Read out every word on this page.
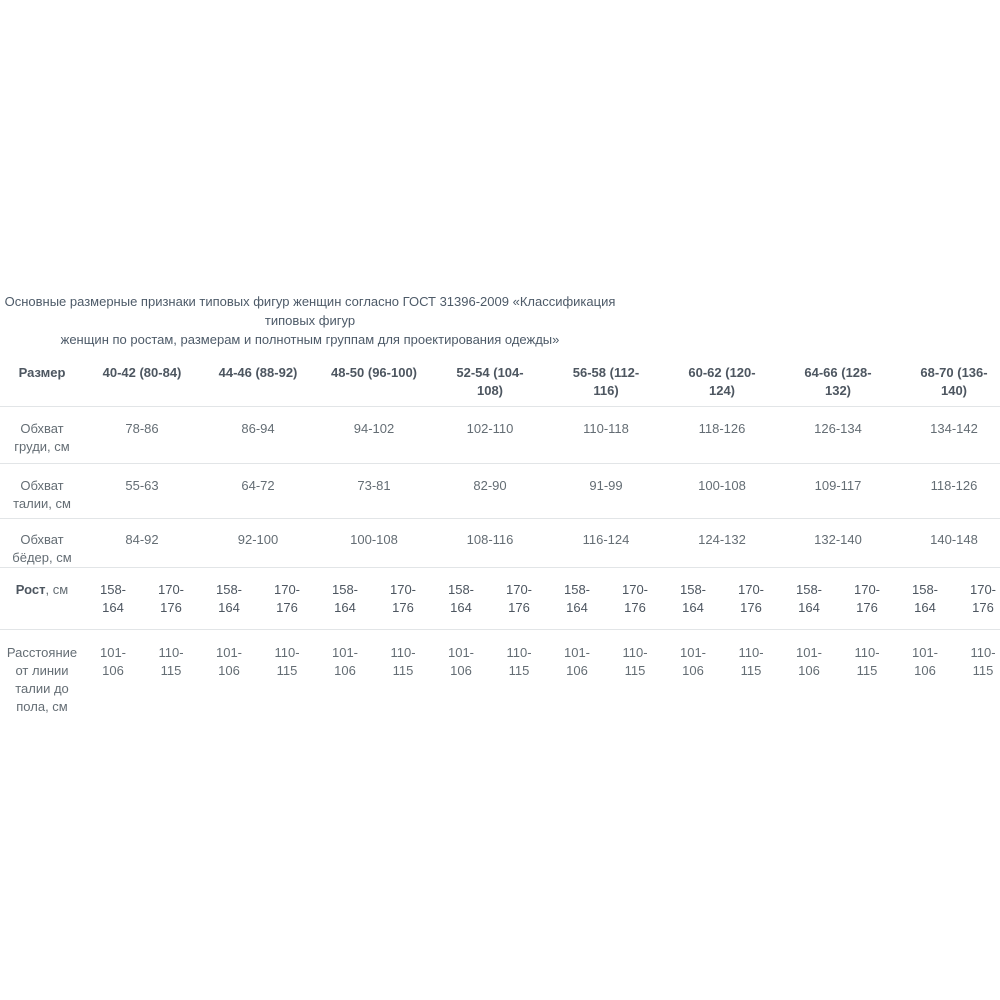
Основные размерные признаки типовых фигур женщин согласно ГОСТ 31396-2009 «Классификация типовых фигур
женщин по ростам, размерам и полнотным группам для проектирования одежды»
Размер	40-42 (80-84)		44-46 (88-92)		48-50 (96-100)		52-54 (104-
108)		56-58 (112-
116)		60-62 (120-
124)		64-66 (128-
132)		68-70 (136-
140)	
Обхват груди, см	78-86		86-94		94-102		102-110		110-118		118-126		126-134		134-142	
Обхват талии, см	55-63		64-72		73-81		82-90		91-99		100-108		109-117		118-126	
Обхват бёдер, см	84-92		92-100		100-108		108-116		116-124		124-132		132-140		140-148	
Рост, см	158-
164	170-
176	158-
164	170-
176	158-
164	170-
176	158-
164	170-
176	158-
164	170-
176	158-
164	170-
176	158-
164	170-
176	158-
164	170-
176
Расстояние от линии талии до пола, см	101-
106	110-
115	101-
106	110-
115	101-
106	110-
115	101-
106	110-
115	101-
106	110-
115	101-
106	110-
115	101-
106	110-
115	101-
106	110-
115
